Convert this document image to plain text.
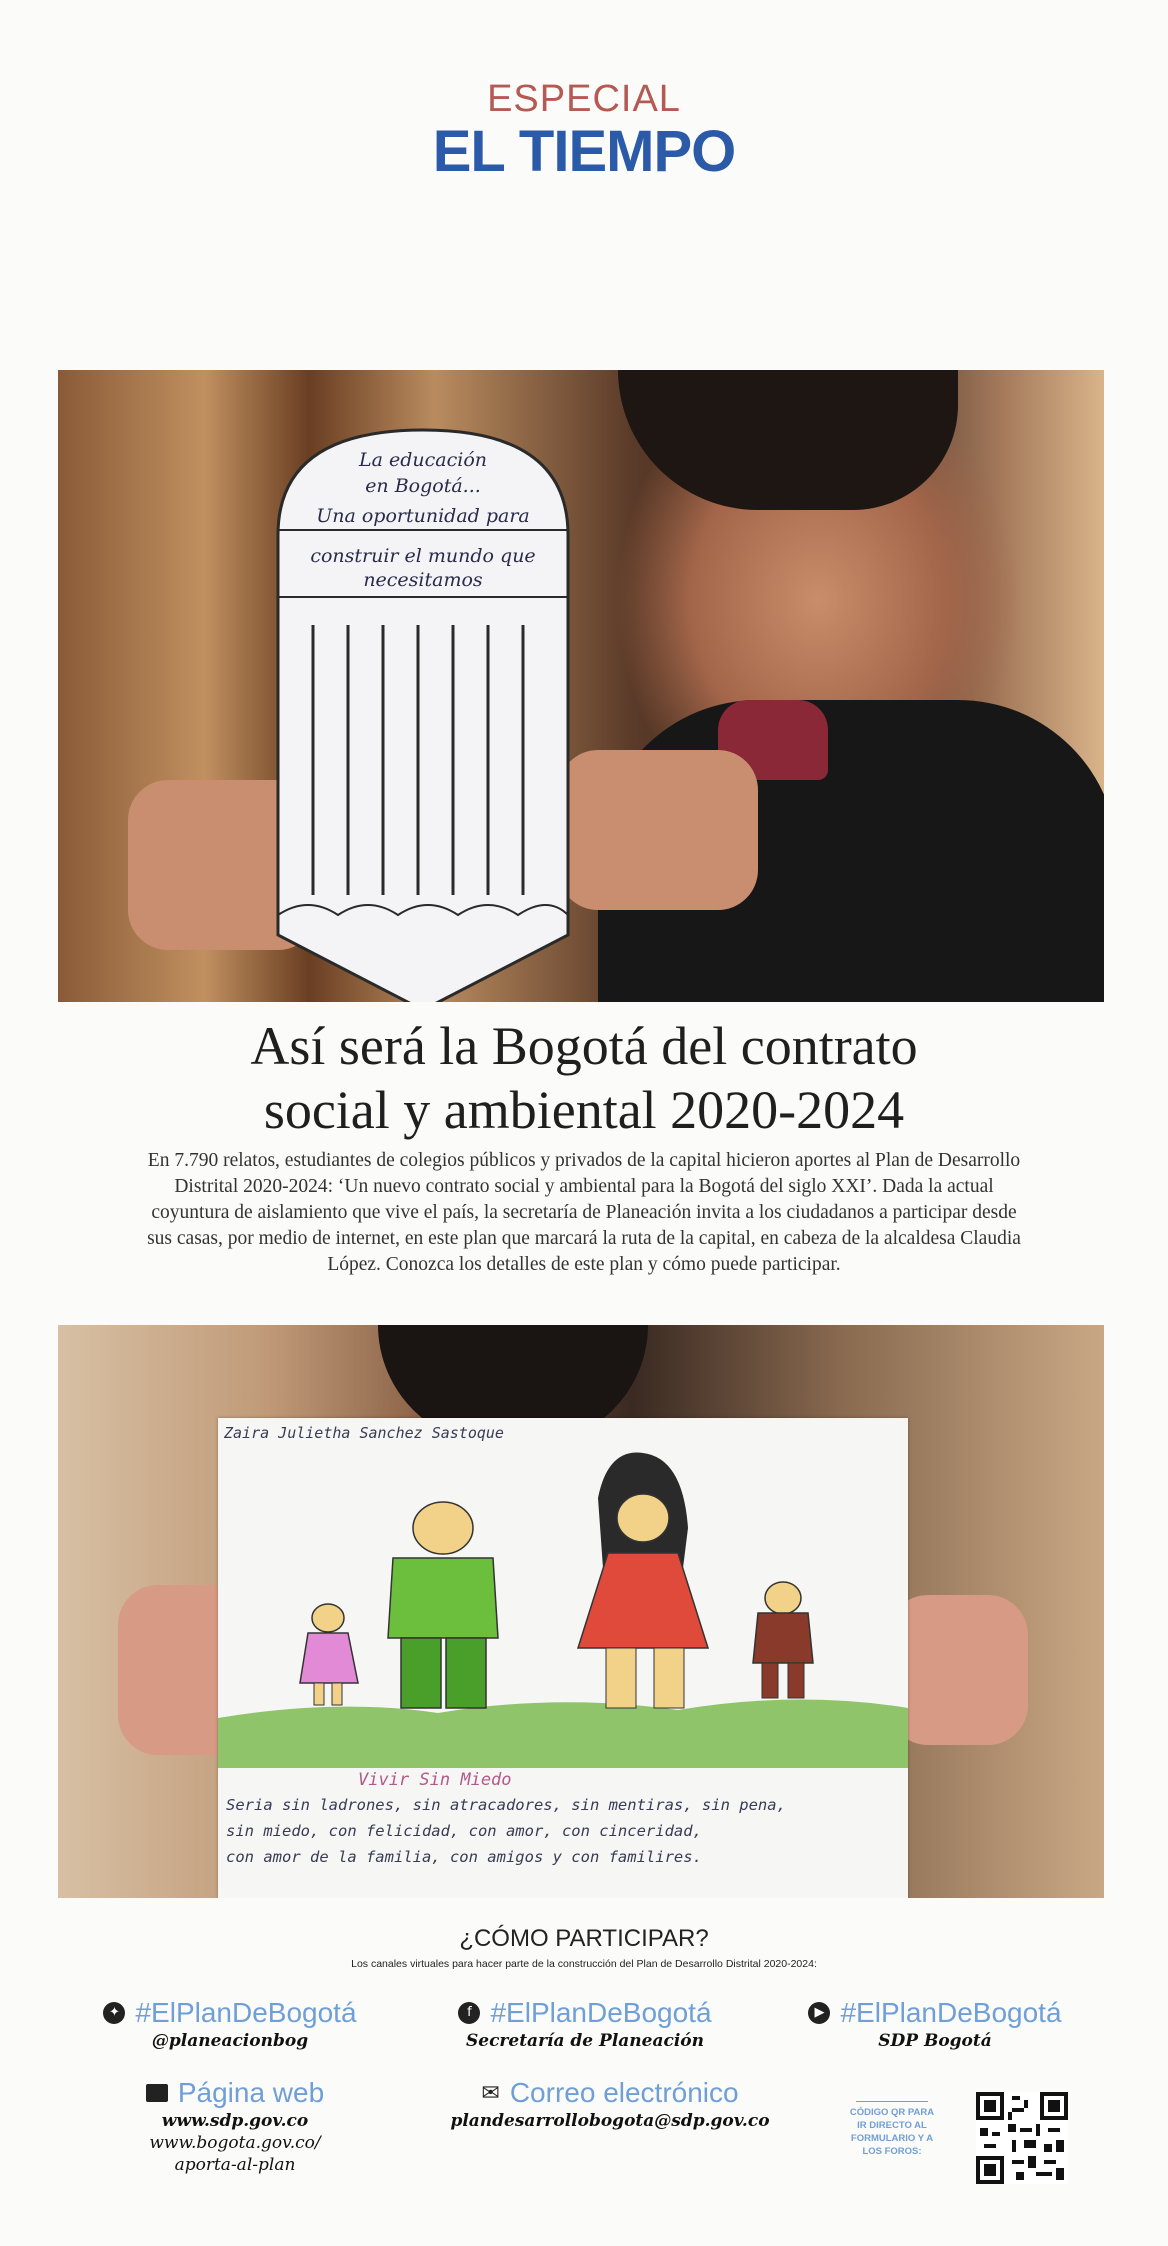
ESPECIAL
EL TIEMPO
La educación
en Bogotá...
Una oportunidad para
construir el mundo que
necesitamos
Así será la Bogotá del contrato
social y ambiental 2020-2024
En 7.790 relatos, estudiantes de colegios públicos y privados de la capital hicieron aportes al Plan de Desarrollo Distrital 2020-2024: ‘Un nuevo contrato social y ambiental para la Bogotá del siglo XXI’. Dada la actual coyuntura de aislamiento que vive el país, la secretaría de Planeación invita a los ciudadanos a participar desde sus casas, por medio de internet, en este plan que marcará la ruta de la capital, en cabeza de la alcaldesa Claudia López. Conozca los detalles de este plan y cómo puede participar.
Zaira Julietha Sanchez Sastoque
Vivir Sin Miedo
Seria sin ladrones, sin atracadores, sin mentiras, sin pena,
sin miedo, con felicidad, con amor, con cinceridad,
con amor de la familia, con amigos y con familires.
¿CÓMO PARTICIPAR?
Los canales virtuales para hacer parte de la construcción del Plan de Desarrollo Distrital 2020-2024:
✦ #ElPlanDeBogotá
@planeacionbog
f #ElPlanDeBogotá
Secretaría de Planeación
▶ #ElPlanDeBogotá
SDP Bogotá
Página web
www.sdp.gov.co
www.bogota.gov.co/
aporta-al-plan
✉ Correo electrónico
plandesarrollobogota@sdp.gov.co	CÓDIGO QR PARA IR DIRECTO AL FORMULARIO Y A LOS FOROS:
